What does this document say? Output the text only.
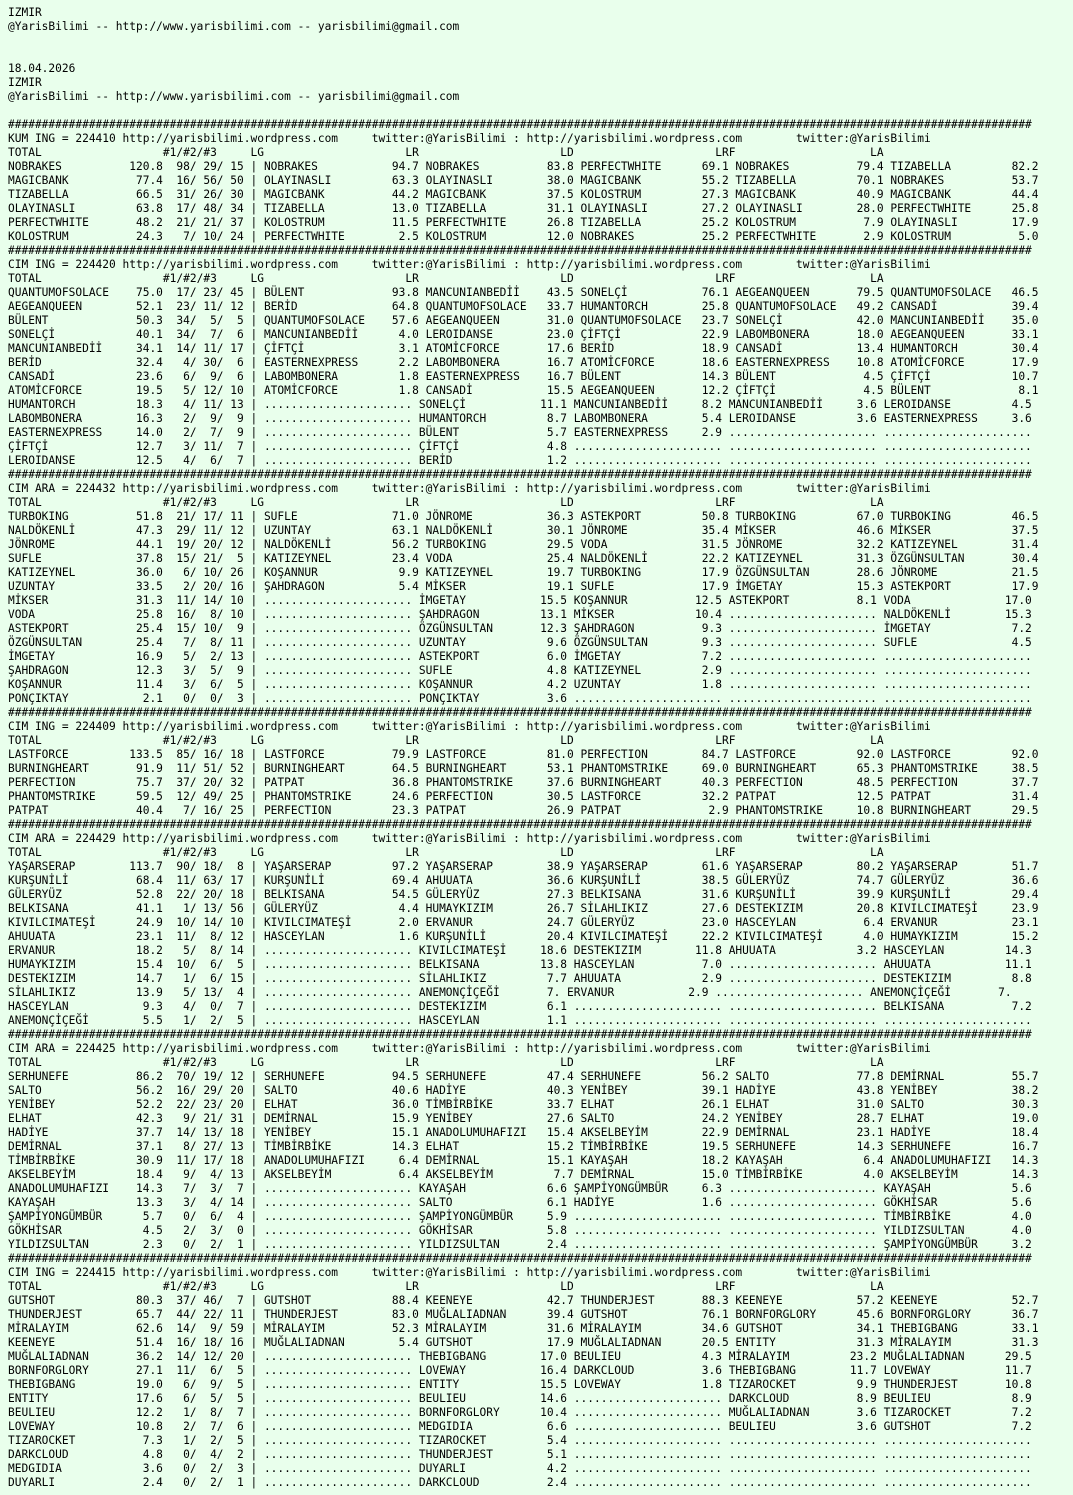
IZMIR
@YarisBilimi -- http://www.yarisbilimi.com -- yarisbilimi@gmail.com
18.04.2026
IZMIR
@YarisBilimi -- http://www.yarisbilimi.com -- yarisbilimi@gmail.com
########################################################################################################################################################
KUM ING = 224410 http://yarisbilimi.wordpress.com     twitter:@YarisBilimi : http://yarisbilimi.wordpress.com        twitter:@YarisBilimi
TOTAL                  #1/#2/#3     LG                     LR                     LD                     LRF                    LA
NOBRAKES          120.8  98/ 29/ 15 | NOBRAKES           94.7 NOBRAKES          83.8 PERFECTWHITE      69.1 NOBRAKES          79.4 TIZABELLA         82.2
MAGICBANK          77.4  16/ 56/ 50 | OLAYINASLI         63.3 OLAYINASLI        38.0 MAGICBANK         55.2 TIZABELLA         70.1 NOBRAKES          53.7
TIZABELLA          66.5  31/ 26/ 30 | MAGICBANK          44.2 MAGICBANK         37.5 KOLOSTRUM         27.3 MAGICBANK         40.9 MAGICBANK         44.4
OLAYINASLI         63.8  17/ 48/ 34 | TIZABELLA          13.0 TIZABELLA         31.1 OLAYINASLI        27.2 OLAYINASLI        28.0 PERFECTWHITE      25.8
PERFECTWHITE       48.2  21/ 21/ 37 | KOLOSTRUM          11.5 PERFECTWHITE      26.8 TIZABELLA         25.2 KOLOSTRUM          7.9 OLAYINASLI        17.9
KOLOSTRUM          24.3   7/ 10/ 24 | PERFECTWHITE        2.5 KOLOSTRUM         12.0 NOBRAKES          25.2 PERFECTWHITE       2.9 KOLOSTRUM          5.0
########################################################################################################################################################
CIM ING = 224420 http://yarisbilimi.wordpress.com     twitter:@YarisBilimi : http://yarisbilimi.wordpress.com        twitter:@YarisBilimi
TOTAL                  #1/#2/#3     LG                     LR                     LD                     LRF                    LA
QUANTUMOFSOLACE    75.0  17/ 23/ 45 | BÜLENT             93.8 MANCUNIANBEDİİ    43.5 SONELÇİ           76.1 AEGEANQUEEN       79.5 QUANTUMOFSOLACE   46.5
AEGEANQUEEN        52.1  23/ 11/ 12 | BERİD              64.8 QUANTUMOFSOLACE   33.7 HUMANTORCH        25.8 QUANTUMOFSOLACE   49.2 CANSADİ           39.4
BÜLENT             50.3  34/  5/  5 | QUANTUMOFSOLACE    57.6 AEGEANQUEEN       31.0 QUANTUMOFSOLACE   23.7 SONELÇİ           42.0 MANCUNIANBEDİİ    35.0
SONELÇİ            40.1  34/  7/  6 | MANCUNIANBEDİİ      4.0 LEROIDANSE        23.0 ÇİFTÇİ            22.9 LABOMBONERA       18.0 AEGEANQUEEN       33.1
MANCUNIANBEDİİ     34.1  14/ 11/ 17 | ÇİFTÇİ              3.1 ATOMİCFORCE       17.6 BERİD             18.9 CANSADİ           13.4 HUMANTORCH        30.4
BERİD              32.4   4/ 30/  6 | EASTERNEXPRESS      2.2 LABOMBONERA       16.7 ATOMİCFORCE       18.6 EASTERNEXPRESS    10.8 ATOMİCFORCE       17.9
CANSADİ            23.6   6/  9/  6 | LABOMBONERA         1.8 EASTERNEXPRESS    16.7 BÜLENT            14.3 BÜLENT             4.5 ÇİFTÇİ            10.7
ATOMİCFORCE        19.5   5/ 12/ 10 | ATOMİCFORCE         1.8 CANSADİ           15.5 AEGEANQUEEN       12.2 ÇİFTÇİ             4.5 BÜLENT             8.1
HUMANTORCH         18.3   4/ 11/ 13 | ...................... SONELÇİ           11.1 MANCUNIANBEDİİ     8.2 MANCUNIANBEDİİ     3.6 LEROIDANSE         4.5
LABOMBONERA        16.3   2/  9/  9 | ...................... HUMANTORCH         8.7 LABOMBONERA        5.4 LEROIDANSE         3.6 EASTERNEXPRESS     3.6
EASTERNEXPRESS     14.0   2/  7/  9 | ...................... BÜLENT             5.7 EASTERNEXPRESS     2.9 ...................... ......................
ÇİFTÇİ             12.7   3/ 11/  7 | ...................... ÇİFTÇİ             4.8 ...................... ...................... ......................
LEROIDANSE         12.5   4/  6/  7 | ...................... BERİD              1.2 ...................... ...................... ......................
########################################################################################################################################################
CIM ARA = 224432 http://yarisbilimi.wordpress.com     twitter:@YarisBilimi : http://yarisbilimi.wordpress.com        twitter:@YarisBilimi
TOTAL                  #1/#2/#3     LG                     LR                     LD                     LRF                    LA
TURBOKING          51.8  21/ 17/ 11 | SUFLE              71.0 JÖNROME           36.3 ASTEKPORT         50.8 TURBOKING         67.0 TURBOKING         46.5
NALDÖKENLİ         47.3  29/ 11/ 12 | UZUNTAY            63.1 NALDÖKENLİ        30.1 JÖNROME           35.4 MİKSER            46.6 MİKSER            37.5
JÖNROME            44.1  19/ 20/ 12 | NALDÖKENLİ         56.2 TURBOKING         29.5 VODA              31.5 JÖNROME           32.2 KATIZEYNEL        31.4
SUFLE              37.8  15/ 21/  5 | KATIZEYNEL         23.4 VODA              25.4 NALDÖKENLİ        22.2 KATIZEYNEL        31.3 ÖZGÜNSULTAN       30.4
KATIZEYNEL         36.0   6/ 10/ 26 | KOŞANNUR            9.9 KATIZEYNEL        19.7 TURBOKING         17.9 ÖZGÜNSULTAN       28.6 JÖNROME           21.5
UZUNTAY            33.5   2/ 20/ 16 | ŞAHDRAGON           5.4 MİKSER            19.1 SUFLE             17.9 İMGETAY           15.3 ASTEKPORT         17.9
MİKSER             31.3  11/ 14/ 10 | ...................... İMGETAY           15.5 KOŞANNUR          12.5 ASTEKPORT          8.1 VODA              17.0
VODA               25.8  16/  8/ 10 | ...................... ŞAHDRAGON         13.1 MİKSER            10.4 ...................... NALDÖKENLİ        15.3
ASTEKPORT          25.4  15/ 10/  9 | ...................... ÖZGÜNSULTAN       12.3 ŞAHDRAGON          9.3 ...................... İMGETAY            7.2
ÖZGÜNSULTAN        25.4   7/  8/ 11 | ...................... UZUNTAY            9.6 ÖZGÜNSULTAN        9.3 ...................... SUFLE              4.5
İMGETAY            16.9   5/  2/ 13 | ...................... ASTEKPORT          6.0 İMGETAY            7.2 ...................... ......................
ŞAHDRAGON          12.3   3/  5/  9 | ...................... SUFLE              4.8 KATIZEYNEL         2.9 ...................... ......................
KOŞANNUR           11.4   3/  6/  5 | ...................... KOŞANNUR           4.2 UZUNTAY            1.8 ...................... ......................
PONÇIKTAY           2.1   0/  0/  3 | ...................... PONÇIKTAY          3.6 ...................... ...................... ......................
########################################################################################################################################################
CIM ING = 224409 http://yarisbilimi.wordpress.com     twitter:@YarisBilimi : http://yarisbilimi.wordpress.com        twitter:@YarisBilimi
TOTAL                  #1/#2/#3     LG                     LR                     LD                     LRF                    LA
LASTFORCE         133.5  85/ 16/ 18 | LASTFORCE          79.9 LASTFORCE         81.0 PERFECTION        84.7 LASTFORCE         92.0 LASTFORCE         92.0
BURNINGHEART       91.9  11/ 51/ 52 | BURNINGHEART       64.5 BURNINGHEART      53.1 PHANTOMSTRIKE     69.0 BURNINGHEART      65.3 PHANTOMSTRIKE     38.5
PERFECTION         75.7  37/ 20/ 32 | PATPAT             36.8 PHANTOMSTRIKE     37.6 BURNINGHEART      40.3 PERFECTION        48.5 PERFECTION        37.7
PHANTOMSTRIKE      59.5  12/ 49/ 25 | PHANTOMSTRIKE      24.6 PERFECTION        30.5 LASTFORCE         32.2 PATPAT            12.5 PATPAT            31.4
PATPAT             40.4   7/ 16/ 25 | PERFECTION         23.3 PATPAT            26.9 PATPAT             2.9 PHANTOMSTRIKE     10.8 BURNINGHEART      29.5
########################################################################################################################################################
CIM ARA = 224429 http://yarisbilimi.wordpress.com     twitter:@YarisBilimi : http://yarisbilimi.wordpress.com        twitter:@YarisBilimi
TOTAL                  #1/#2/#3     LG                     LR                     LD                     LRF                    LA
YAŞARSERAP        113.7  90/ 18/  8 | YAŞARSERAP         97.2 YAŞARSERAP        38.9 YAŞARSERAP        61.6 YAŞARSERAP        80.2 YAŞARSERAP        51.7
KURŞUNİLİ          68.4  11/ 63/ 17 | KURŞUNİLİ          69.4 AHUUATA           36.6 KURŞUNİLİ         38.5 GÜLERYÜZ          74.7 GÜLERYÜZ          36.6
GÜLERYÜZ           52.8  22/ 20/ 18 | BELKISANA          54.5 GÜLERYÜZ          27.3 BELKISANA         31.6 KURŞUNİLİ         39.9 KURŞUNİLİ         29.4
BELKISANA          41.1   1/ 13/ 56 | GÜLERYÜZ            4.4 HUMAYKIZIM        26.7 SİLAHLIKIZ        27.6 DESTEKIZIM        20.8 KIVILCIMATEŞİ     23.9
KIVILCIMATEŞİ      24.9  10/ 14/ 10 | KIVILCIMATEŞİ       2.0 ERVANUR           24.7 GÜLERYÜZ          23.0 HASCEYLAN          6.4 ERVANUR           23.1
AHUUATA            23.1  11/  8/ 12 | HASCEYLAN           1.6 KURŞUNİLİ         20.4 KIVILCIMATEŞİ     22.2 KIVILCIMATEŞİ      4.0 HUMAYKIZIM        15.2
ERVANUR            18.2   5/  8/ 14 | ...................... KIVILCIMATEŞİ     18.6 DESTEKIZIM        11.8 AHUUATA            3.2 HASCEYLAN         14.3
HUMAYKIZIM         15.4  10/  6/  5 | ...................... BELKISANA         13.8 HASCEYLAN          7.0 ...................... AHUUATA           11.1
DESTEKIZIM         14.7   1/  6/ 15 | ...................... SİLAHLIKIZ         7.7 AHUUATA            2.9 ...................... DESTEKIZIM         8.8
SİLAHLIKIZ         13.9   5/ 13/  4 | ...................... ANEMONÇİÇEĞİ       7. ERVANUR           2.9 ...................... ANEMONÇİÇEĞİ       7.
HASCEYLAN           9.3   4/  0/  7 | ...................... DESTEKIZIM         6.1 ...................... ...................... BELKISANA          7.2
ANEMONÇİÇEĞİ        5.5   1/  2/  5 | ...................... HASCEYLAN          1.1 ...................... ...................... ......................
########################################################################################################################################################
CIM ARA = 224425 http://yarisbilimi.wordpress.com     twitter:@YarisBilimi : http://yarisbilimi.wordpress.com        twitter:@YarisBilimi
TOTAL                  #1/#2/#3     LG                     LR                     LD                     LRF                    LA
SERHUNEFE          86.2  70/ 19/ 12 | SERHUNEFE          94.5 SERHUNEFE         47.4 SERHUNEFE         56.2 SALTO             77.8 DEMİRNAL          55.7
SALTO              56.2  16/ 29/ 20 | SALTO              40.6 HADİYE            40.3 YENİBEY           39.1 HADİYE            43.8 YENİBEY           38.2
YENİBEY            52.2  22/ 23/ 20 | ELHAT              36.0 TİMBİRBİKE        33.7 ELHAT             26.1 ELHAT             31.0 SALTO             30.3
ELHAT              42.3   9/ 21/ 31 | DEMİRNAL           15.9 YENİBEY           27.6 SALTO             24.2 YENİBEY           28.7 ELHAT             19.0
HADİYE             37.7  14/ 13/ 18 | YENİBEY            15.1 ANADOLUMUHAFIZI   15.4 AKSELBEYİM        22.9 DEMİRNAL          23.1 HADİYE            18.4
DEMİRNAL           37.1   8/ 27/ 13 | TİMBİRBİKE         14.3 ELHAT             15.2 TİMBİRBİKE        19.5 SERHUNEFE         14.3 SERHUNEFE         16.7
TİMBİRBİKE         30.9  11/ 17/ 18 | ANADOLUMUHAFIZI     6.4 DEMİRNAL          15.1 KAYAŞAH           18.2 KAYAŞAH            6.4 ANADOLUMUHAFIZI   14.3
AKSELBEYİM         18.4   9/  4/ 13 | AKSELBEYİM          6.4 AKSELBEYİM         7.7 DEMİRNAL          15.0 TİMBİRBİKE         4.0 AKSELBEYİM        14.3
ANADOLUMUHAFIZI    14.3   7/  3/  7 | ...................... KAYAŞAH            6.6 ŞAMPİYONGÜMBÜR     6.3 ...................... KAYAŞAH            5.6
KAYAŞAH            13.3   3/  4/ 14 | ...................... SALTO              6.1 HADİYE             1.6 ...................... GÖKHİSAR           5.6
ŞAMPİYONGÜMBÜR      5.7   0/  6/  4 | ...................... ŞAMPİYONGÜMBÜR     5.9 ...................... ...................... TİMBİRBİKE         4.0
GÖKHİSAR            4.5   2/  3/  0 | ...................... GÖKHİSAR           5.8 ...................... ...................... YILDIZSULTAN       4.0
YILDIZSULTAN        2.3   0/  2/  1 | ...................... YILDIZSULTAN       2.4 ...................... ...................... ŞAMPİYONGÜMBÜR     3.2
########################################################################################################################################################
CIM ING = 224415 http://yarisbilimi.wordpress.com     twitter:@YarisBilimi : http://yarisbilimi.wordpress.com        twitter:@YarisBilimi
TOTAL                  #1/#2/#3     LG                     LR                     LD                     LRF                    LA
GUTSHOT            80.3  37/ 46/  7 | GUTSHOT            88.4 KEENEYE           42.7 THUNDERJEST       88.3 KEENEYE           57.2 KEENEYE           52.7
THUNDERJEST        65.7  44/ 22/ 11 | THUNDERJEST        83.0 MUĞLALIADNAN      39.4 GUTSHOT           76.1 BORNFORGLORY      45.6 BORNFORGLORY      36.7
MİRALAYIM          62.6  14/  9/ 59 | MİRALAYIM          52.3 MİRALAYIM         31.6 MİRALAYIM         34.6 GUTSHOT           34.1 THEBIGBANG        33.1
KEENEYE            51.4  16/ 18/ 16 | MUĞLALIADNAN        5.4 GUTSHOT           17.9 MUĞLALIADNAN      20.5 ENTITY            31.3 MİRALAYIM         31.3
MUĞLALIADNAN       36.2  14/ 12/ 20 | ...................... THEBIGBANG        17.0 BEULIEU            4.3 MİRALAYIM         23.2 MUĞLALIADNAN      29.5
BORNFORGLORY       27.1  11/  6/  5 | ...................... LOVEWAY           16.4 DARKCLOUD          3.6 THEBIGBANG        11.7 LOVEWAY           11.7
THEBIGBANG         19.0   6/  9/  5 | ...................... ENTITY            15.5 LOVEWAY            1.8 TIZAROCKET         9.9 THUNDERJEST       10.8
ENTITY             17.6   6/  5/  5 | ...................... BEULIEU           14.6 ...................... DARKCLOUD          8.9 BEULIEU            8.9
BEULIEU            12.2   1/  8/  7 | ...................... BORNFORGLORY      10.4 ...................... MUĞLALIADNAN       3.6 TIZAROCKET         7.2
LOVEWAY            10.8   2/  7/  6 | ...................... MEDGIDIA           6.6 ...................... BEULIEU            3.6 GUTSHOT            7.2
TIZAROCKET          7.3   1/  2/  5 | ...................... TIZAROCKET         5.4 ...................... ...................... ......................
DARKCLOUD           4.8   0/  4/  2 | ...................... THUNDERJEST        5.1 ...................... ...................... ......................
MEDGIDIA            3.6   0/  2/  3 | ...................... DUYARLI            4.2 ...................... ...................... ......................
DUYARLI             2.4   0/  2/  1 | ...................... DARKCLOUD          2.4 ...................... ...................... ......................
